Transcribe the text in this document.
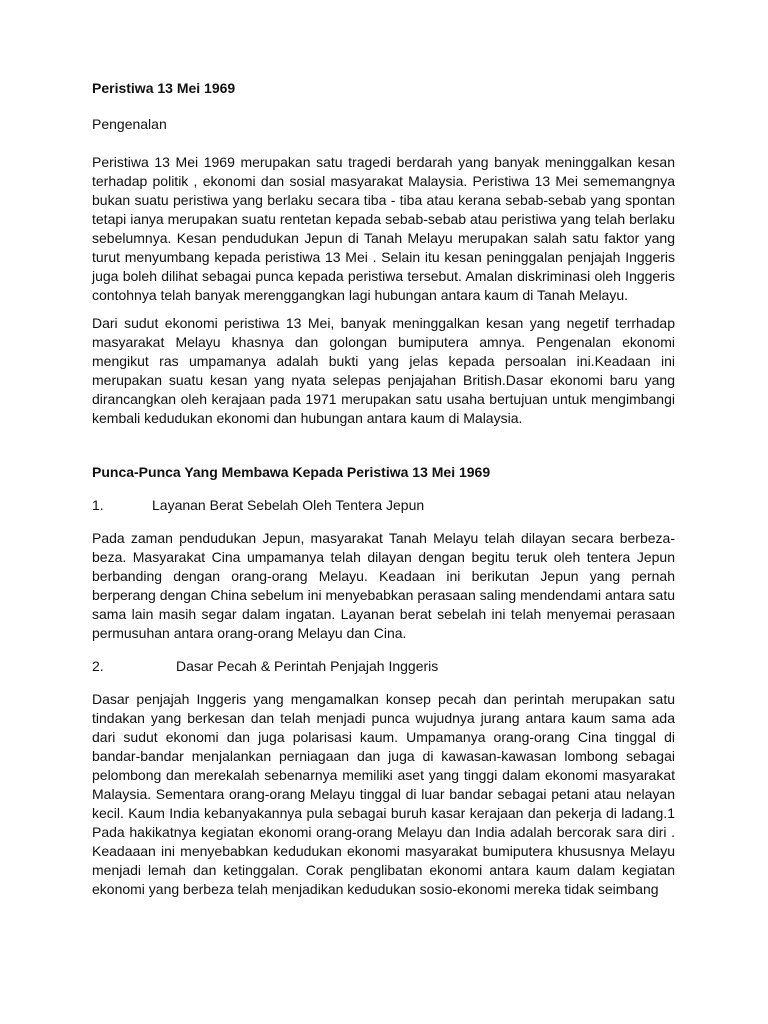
Peristiwa 13 Mei 1969

Pengenalan

Peristiwa 13 Mei 1969 merupakan satu tragedi berdarah yang banyak meninggalkan kesan terhadap politik , ekonomi dan sosial masyarakat Malaysia. Peristiwa 13 Mei sememangnya bukan suatu peristiwa yang berlaku secara tiba - tiba atau kerana sebab-sebab yang spontan tetapi ianya merupakan suatu rentetan kepada sebab-sebab atau peristiwa yang telah berlaku sebelumnya. Kesan pendudukan Jepun di Tanah Melayu merupakan salah satu faktor yang turut menyumbang kepada peristiwa 13 Mei . Selain itu kesan peninggalan penjajah Inggeris juga boleh dilihat sebagai punca kepada peristiwa tersebut. Amalan diskriminasi oleh Inggeris contohnya telah banyak merenggangkan lagi hubungan antara kaum di Tanah Melayu.

Dari sudut ekonomi peristiwa 13 Mei, banyak meninggalkan kesan yang negetif terrhadap masyarakat Melayu khasnya dan golongan bumiputera amnya. Pengenalan ekonomi mengikut ras umpamanya adalah bukti yang jelas kepada persoalan ini.Keadaan ini merupakan suatu kesan yang nyata selepas penjajahan British.Dasar ekonomi baru yang dirancangkan oleh kerajaan pada 1971 merupakan satu usaha bertujuan untuk mengimbangi kembali kedudukan ekonomi dan hubungan antara kaum di Malaysia.

Punca-Punca Yang Membawa Kepada Peristiwa 13 Mei 1969

1.	Layanan Berat Sebelah Oleh Tentera Jepun

Pada zaman pendudukan Jepun, masyarakat Tanah Melayu telah dilayan secara berbeza-beza. Masyarakat Cina umpamanya telah dilayan dengan begitu teruk oleh tentera Jepun berbanding dengan orang-orang Melayu. Keadaan ini berikutan Jepun yang pernah berperang dengan China sebelum ini menyebabkan perasaan saling mendendami antara satu sama lain masih segar dalam ingatan. Layanan berat sebelah ini telah menyemai perasaan permusuhan antara orang-orang Melayu dan Cina.

2.	Dasar Pecah & Perintah Penjajah Inggeris

Dasar penjajah Inggeris yang mengamalkan konsep pecah dan perintah merupakan satu tindakan yang berkesan dan telah menjadi punca wujudnya jurang antara kaum sama ada dari sudut ekonomi dan juga polarisasi kaum. Umpamanya orang-orang Cina tinggal di bandar-bandar menjalankan perniagaan dan juga di kawasan-kawasan lombong sebagai pelombong dan merekalah sebenarnya memiliki aset yang tinggi dalam ekonomi masyarakat Malaysia. Sementara orang-orang Melayu tinggal di luar bandar sebagai petani atau nelayan kecil. Kaum India kebanyakannya pula sebagai buruh kasar kerajaan dan pekerja di ladang.1 Pada hakikatnya kegiatan ekonomi orang-orang Melayu dan India adalah bercorak sara diri . Keadaaan ini menyebabkan kedudukan ekonomi masyarakat bumiputera khususnya Melayu menjadi lemah dan ketinggalan. Corak penglibatan ekonomi antara kaum dalam kegiatan ekonomi yang berbeza telah menjadikan kedudukan sosio-ekonomi mereka tidak seimbang
